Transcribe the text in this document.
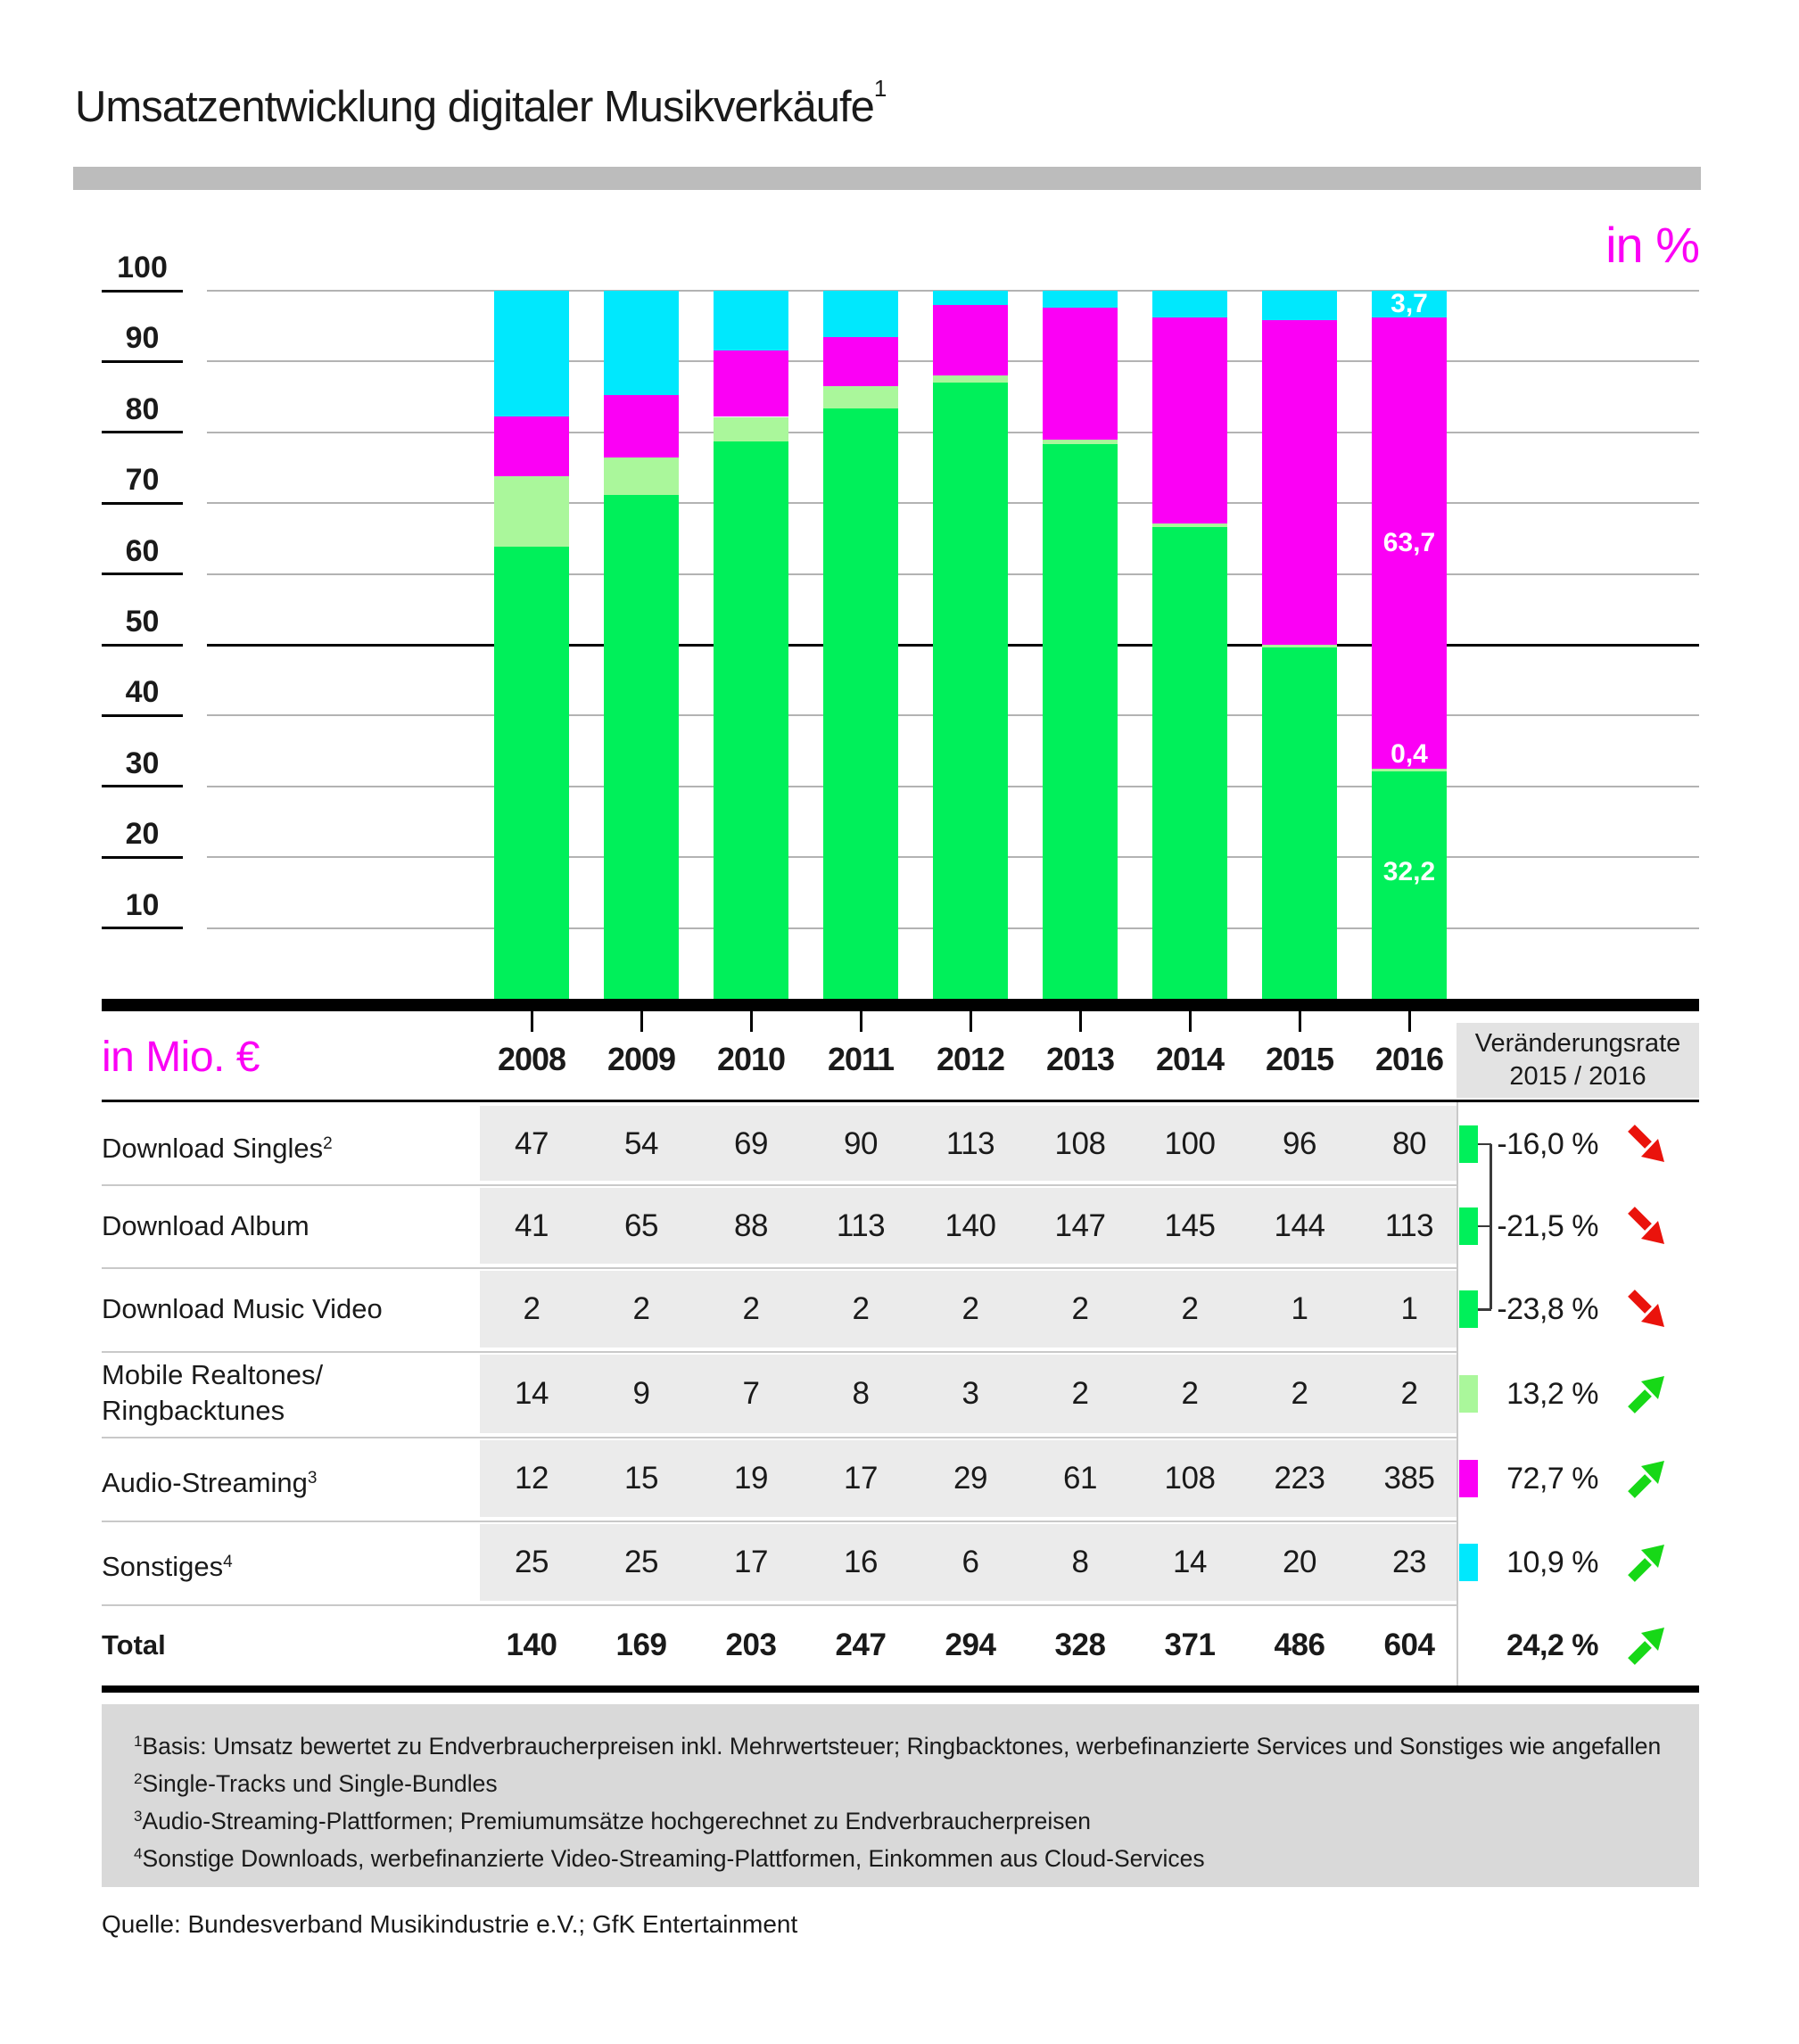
Umsatzentwicklung digitaler Musikverkäufe$^1$
in %
in Mio. €	Veränderungsrate
2015 / 2016
Quelle: Bundesverband Musikindustrie e.V.; GfK Entertainment
100
90
80
70
60
50
40
30
20
10
32,2
0,4
63,7
3,7
2008	2009	2010	2011	2012	2013	2014	2015	2016
Download Singles$^2$	47	54	69	90	113	108	100	96	80	-16,0 %
Download Album	41	65	88	113	140	147	145	144	113	-21,5 %
Download Music Video	2	2	2	2	2	2	2	1	1	-23,8 %
Mobile Realtones/
Ringbacktunes	14	9	7	8	3	2	2	2	2	13,2 %
Audio-Streaming$^3$	12	15	19	17	29	61	108	223	385	72,7 %
Sonstiges$^4$	25	25	17	16	6	8	14	20	23	10,9 %
Total	140	169	203	247	294	328	371	486	604	24,2 %
$^1$Basis: Umsatz bewertet zu Endverbraucherpreisen inkl. Mehrwertsteuer; Ringbacktones, werbefinanzierte Services und Sonstiges wie angefallen
$^2$Single-Tracks und Single-Bundles
$^3$Audio-Streaming-Plattformen; Premiumumsätze hochgerechnet zu Endverbraucherpreisen
$^4$Sonstige Downloads, werbefinanzierte Video-Streaming-Plattformen, Einkommen aus Cloud-Services
